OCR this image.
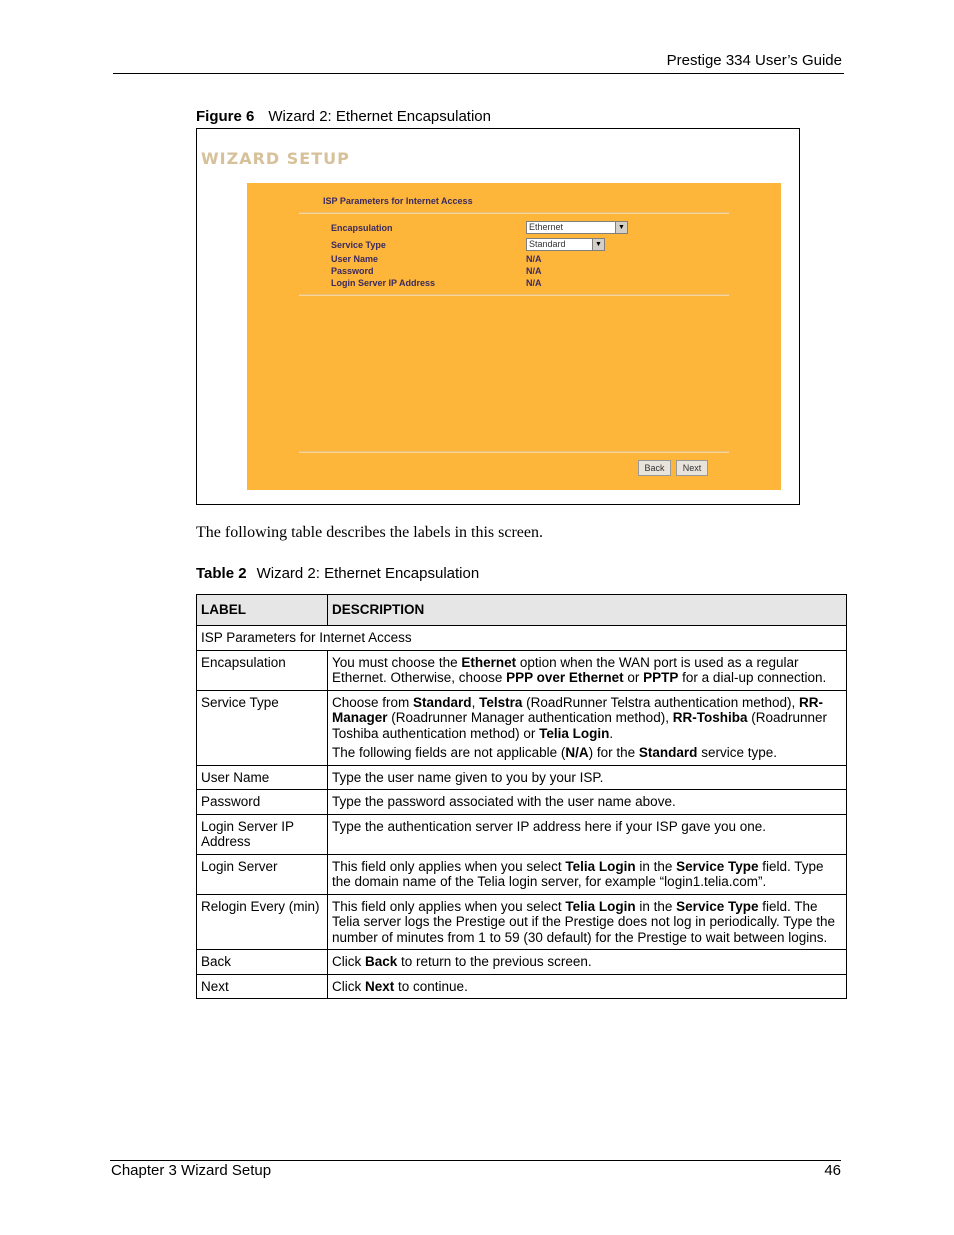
Prestige 334 User’s Guide
Figure 6 Wizard 2: Ethernet Encapsulation
WIZARD SETUP
ISP Parameters for Internet Access
Encapsulation	Ethernet	▼
Service Type	Standard	▼
User Name	N/A
Password	N/A
Login Server IP Address	N/A
Back	Next
The following table describes the labels in this screen.
Table 2 Wizard 2: Ethernet Encapsulation
LABEL	DESCRIPTION
ISP Parameters for Internet Access	
Encapsulation	You must choose the Ethernet option when the WAN port is used as a regular Ethernet. Otherwise, choose PPP over Ethernet or PPTP for a dial-up connection.

Service Type	Choose from Standard, Telstra (RoadRunner Telstra authentication method), RR-Manager (Roadrunner Manager authentication method), RR-Toshiba (Roadrunner Toshiba authentication method) or Telia Login.

The following fields are not applicable (N/A) for the Standard service type.

User Name	Type the user name given to you by your ISP.

Password	Type the password associated with the user name above.

Login Server IP Address	Type the authentication server IP address here if your ISP gave you one.

Login Server	This field only applies when you select Telia Login in the Service Type field. Type the domain name of the Telia login server, for example “login1.telia.com”.

Relogin Every (min)	This field only applies when you select Telia Login in the Service Type field. The Telia server logs the Prestige out if the Prestige does not log in periodically. Type the number of minutes from 1 to 59 (30 default) for the Prestige to wait between logins.

Back	Click Back to return to the previous screen.

Next	Click Next to continue.

Chapter 3 Wizard Setup	46
